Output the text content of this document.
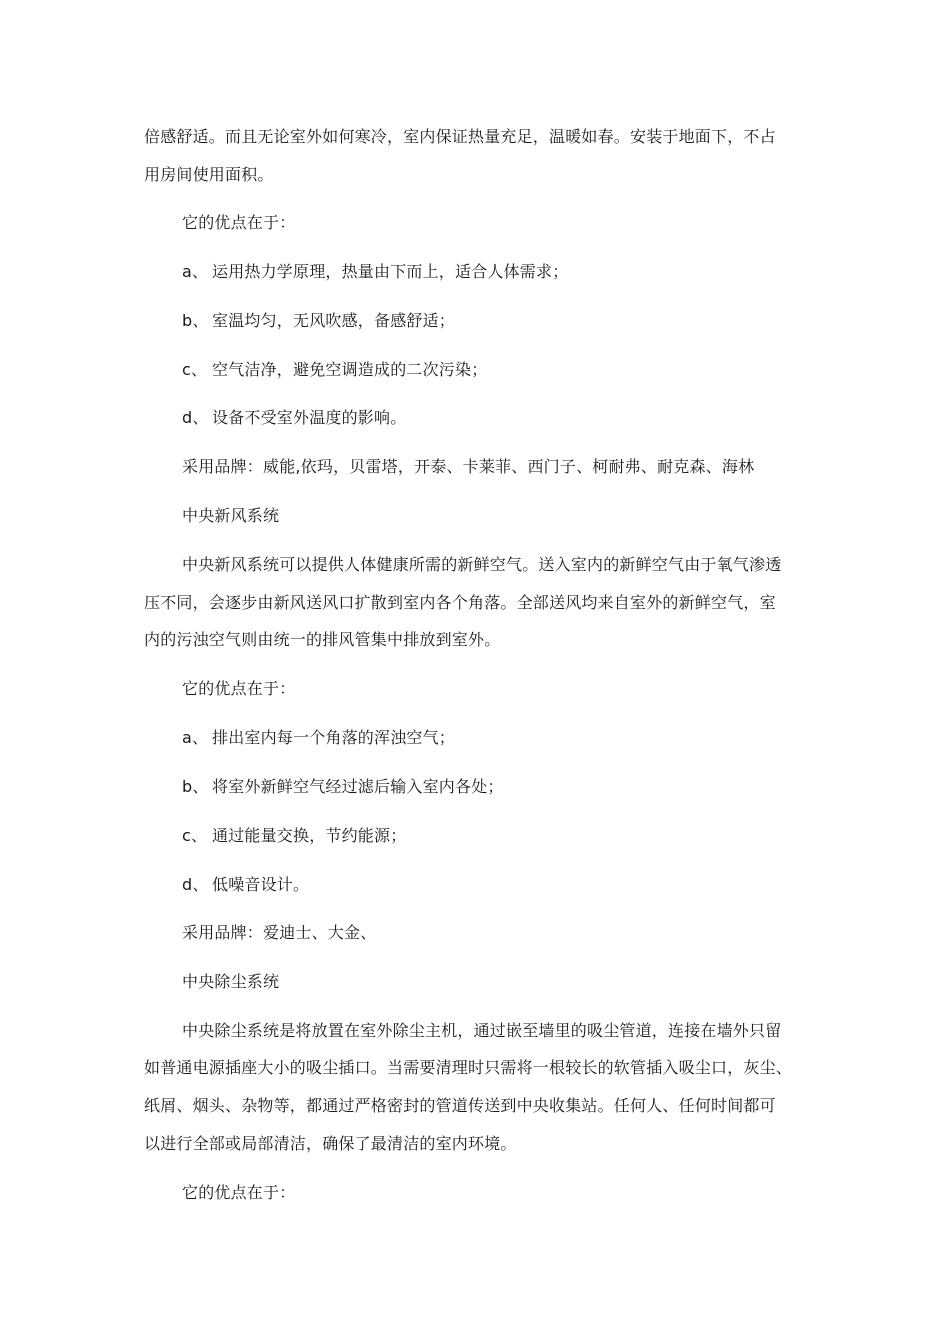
倍感舒适。而且无论室外如何寒冷，室内保证热量充足，温暖如春。安装于地面下，不占
用房间使用面积。
它的优点在于：
a、 运用热力学原理，热量由下而上，适合人体需求；
b、 室温均匀，无风吹感，备感舒适；
c、 空气洁净，避免空调造成的二次污染；
d、 设备不受室外温度的影响。
采用品牌：威能,依玛，贝雷塔，开泰、卡莱菲、西门子、柯耐弗、耐克森、海林
中央新风系统
中央新风系统可以提供人体健康所需的新鲜空气。送入室内的新鲜空气由于氧气渗透
压不同，会逐步由新风送风口扩散到室内各个角落。全部送风均来自室外的新鲜空气，室
内的污浊空气则由统一的排风管集中排放到室外。
它的优点在于：
a、 排出室内每一个角落的浑浊空气；
b、 将室外新鲜空气经过滤后输入室内各处；
c、 通过能量交换，节约能源；
d、 低噪音设计。
采用品牌：爱迪士、大金、
中央除尘系统
中央除尘系统是将放置在室外除尘主机，通过嵌至墙里的吸尘管道，连接在墙外只留
如普通电源插座大小的吸尘插口。当需要清理时只需将一根较长的软管插入吸尘口，灰尘、
纸屑、烟头、杂物等，都通过严格密封的管道传送到中央收集站。任何人、任何时间都可
以进行全部或局部清洁，确保了最清洁的室内环境。
它的优点在于：
